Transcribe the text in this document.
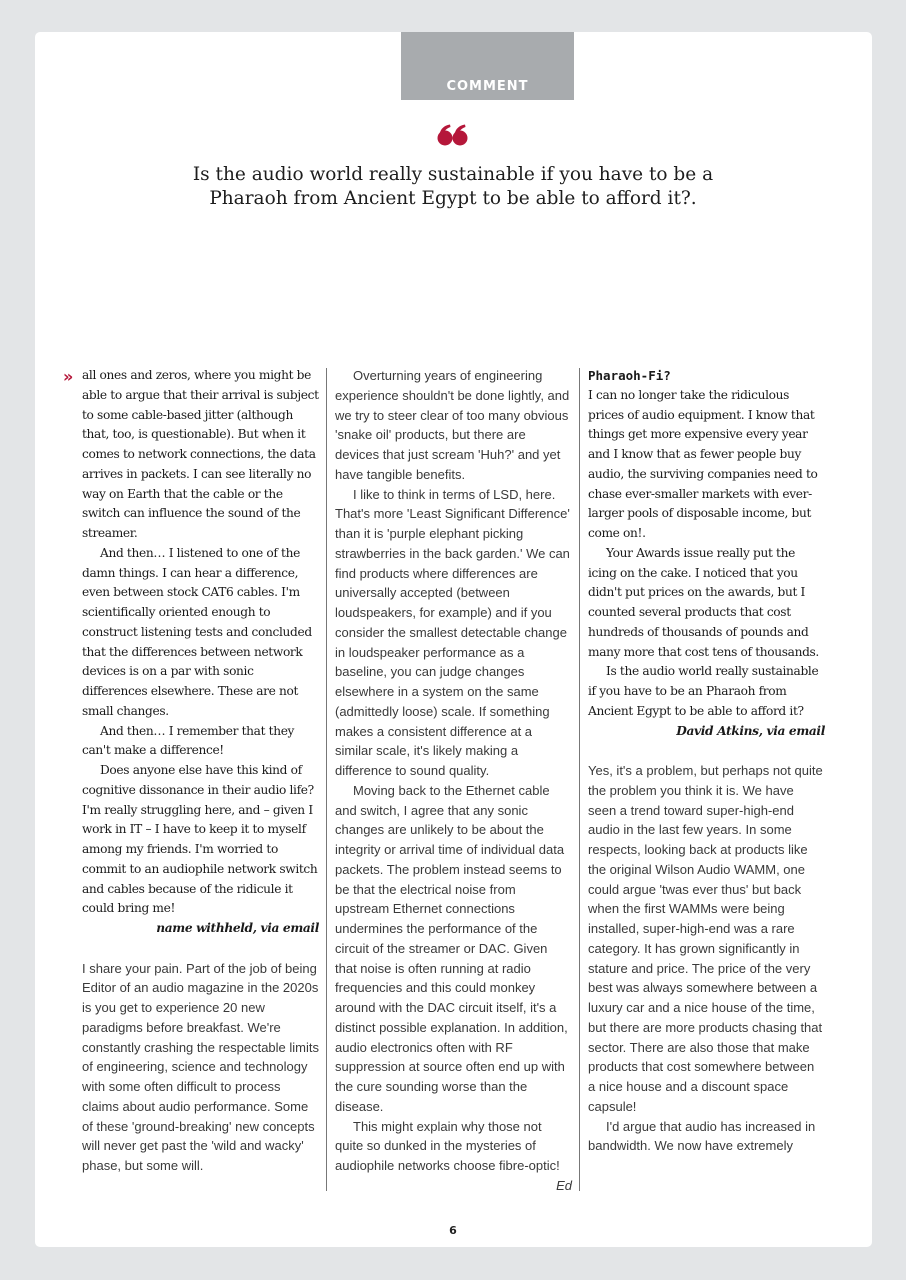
COMMENT
Is the audio world really sustainable if you have to be a
Pharaoh from Ancient Egypt to be able to afford it?.
» all ones and zeros, where you might be able to argue that their arrival is subject to some cable-based jitter (although that, too, is questionable). But when it comes to network connections, the data arrives in packets. I can see literally no way on Earth that the cable or the switch can influence the sound of the streamer.

And then… I listened to one of the damn things. I can hear a difference, even between stock CAT6 cables. I'm scientifically oriented enough to construct listening tests and concluded that the differences between network devices is on a par with sonic differences elsewhere. These are not small changes.

And then… I remember that they can't make a difference!

Does anyone else have this kind of cognitive dissonance in their audio life? I'm really struggling here, and – given I work in IT – I have to keep it to myself among my friends. I'm worried to commit to an audiophile network switch and cables because of the ridicule it could bring me!

name withheld, via email

I share your pain. Part of the job of being Editor of an audio magazine in the 2020s is you get to experience 20 new paradigms before breakfast. We're constantly crashing the respectable limits of engineering, science and technology with some often difficult to process claims about audio performance. Some of these 'ground-breaking' new concepts will never get past the 'wild and wacky' phase, but some will.

Overturning years of engineering experience shouldn't be done lightly, and we try to steer clear of too many obvious 'snake oil' products, but there are devices that just scream 'Huh?' and yet have tangible benefits.

I like to think in terms of LSD, here. That's more 'Least Significant Difference' than it is 'purple elephant picking strawberries in the back garden.' We can find products where differences are universally accepted (between loudspeakers, for example) and if you consider the smallest detectable change in loudspeaker performance as a baseline, you can judge changes elsewhere in a system on the same (admittedly loose) scale. If something makes a consistent difference at a similar scale, it's likely making a difference to sound quality.

Moving back to the Ethernet cable and switch, I agree that any sonic changes are unlikely to be about the integrity or arrival time of individual data packets. The problem instead seems to be that the electrical noise from upstream Ethernet connections undermines the performance of the circuit of the streamer or DAC. Given that noise is often running at radio frequencies and this could monkey around with the DAC circuit itself, it's a distinct possible explanation. In addition, audio electronics often with RF suppression at source often end up with the cure sounding worse than the disease.

This might explain why those not quite so dunked in the mysteries of audiophile networks choose fibre-optic!

Ed

Pharaoh-Fi?

I can no longer take the ridiculous prices of audio equipment. I know that things get more expensive every year and I know that as fewer people buy audio, the surviving companies need to chase ever-smaller markets with ever-larger pools of disposable income, but come on!.

Your Awards issue really put the icing on the cake. I noticed that you didn't put prices on the awards, but I counted several products that cost hundreds of thousands of pounds and many more that cost tens of thousands.

Is the audio world really sustainable if you have to be an Pharaoh from Ancient Egypt to be able to afford it?

David Atkins, via email

Yes, it's a problem, but perhaps not quite the problem you think it is. We have seen a trend toward super-high-end audio in the last few years. In some respects, looking back at products like the original Wilson Audio WAMM, one could argue 'twas ever thus' but back when the first WAMMs were being installed, super-high-end was a rare category. It has grown significantly in stature and price. The price of the very best was always somewhere between a luxury car and a nice house of the time, but there are more products chasing that sector. There are also those that make products that cost somewhere between a nice house and a discount space capsule!

I'd argue that audio has increased in bandwidth. We now have extremely

6
